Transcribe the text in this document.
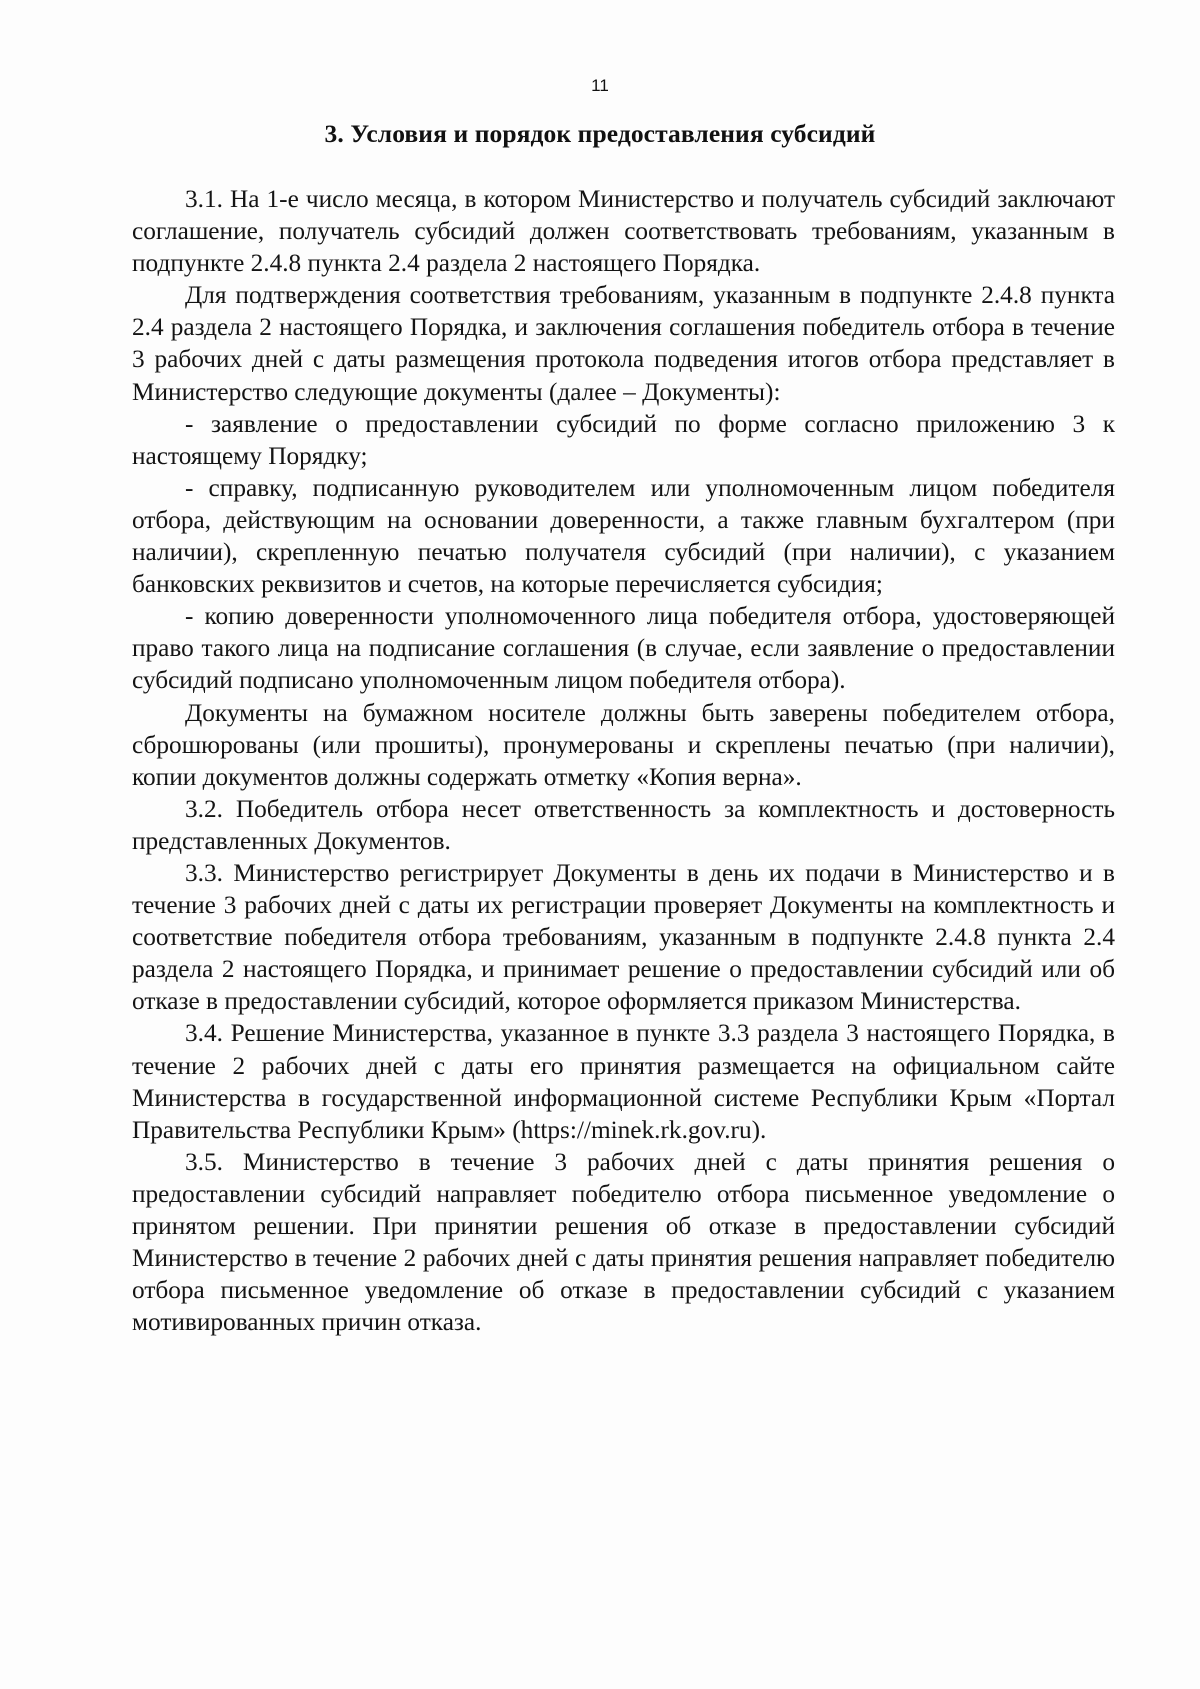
11
3. Условия и порядок предоставления субсидий

3.1. На 1-е число месяца, в котором Министерство и получатель субсидий заключают соглашение, получатель субсидий должен соответствовать требованиям, указанным в подпункте 2.4.8 пункта 2.4 раздела 2 настоящего Порядка.

Для подтверждения соответствия требованиям, указанным в подпункте 2.4.8 пункта 2.4 раздела 2 настоящего Порядка, и заключения соглашения победитель отбора в течение 3 рабочих дней с даты размещения протокола подведения итогов отбора представляет в Министерство следующие документы (далее – Документы):

- заявление о предоставлении субсидий по форме согласно приложению 3 к настоящему Порядку;

- справку, подписанную руководителем или уполномоченным лицом победителя отбора, действующим на основании доверенности, а также главным бухгалтером (при наличии), скрепленную печатью получателя субсидий (при наличии), с указанием банковских реквизитов и счетов, на которые перечисляется субсидия;

- копию доверенности уполномоченного лица победителя отбора, удостоверяющей право такого лица на подписание соглашения (в случае, если заявление о предоставлении субсидий подписано уполномоченным лицом победителя отбора).

Документы на бумажном носителе должны быть заверены победителем отбора, сброшюрованы (или прошиты), пронумерованы и скреплены печатью (при наличии), копии документов должны содержать отметку «Копия верна».

3.2. Победитель отбора несет ответственность за комплектность и достоверность представленных Документов.

3.3. Министерство регистрирует Документы в день их подачи в Министерство и в течение 3 рабочих дней с даты их регистрации проверяет Документы на комплектность и соответствие победителя отбора требованиям, указанным в подпункте 2.4.8 пункта 2.4 раздела 2 настоящего Порядка, и принимает решение о предоставлении субсидий или об отказе в предоставлении субсидий, которое оформляется приказом Министерства.

3.4. Решение Министерства, указанное в пункте 3.3 раздела 3 настоящего Порядка, в течение 2 рабочих дней с даты его принятия размещается на официальном сайте Министерства в государственной информационной системе Республики Крым «Портал Правительства Республики Крым» (https://minek.rk.gov.ru).

3.5. Министерство в течение 3 рабочих дней с даты принятия решения о предоставлении субсидий направляет победителю отбора письменное уведомление о принятом решении. При принятии решения об отказе в предоставлении субсидий Министерство в течение 2 рабочих дней с даты принятия решения направляет победителю отбора письменное уведомление об отказе в предоставлении субсидий с указанием мотивированных причин отказа.
